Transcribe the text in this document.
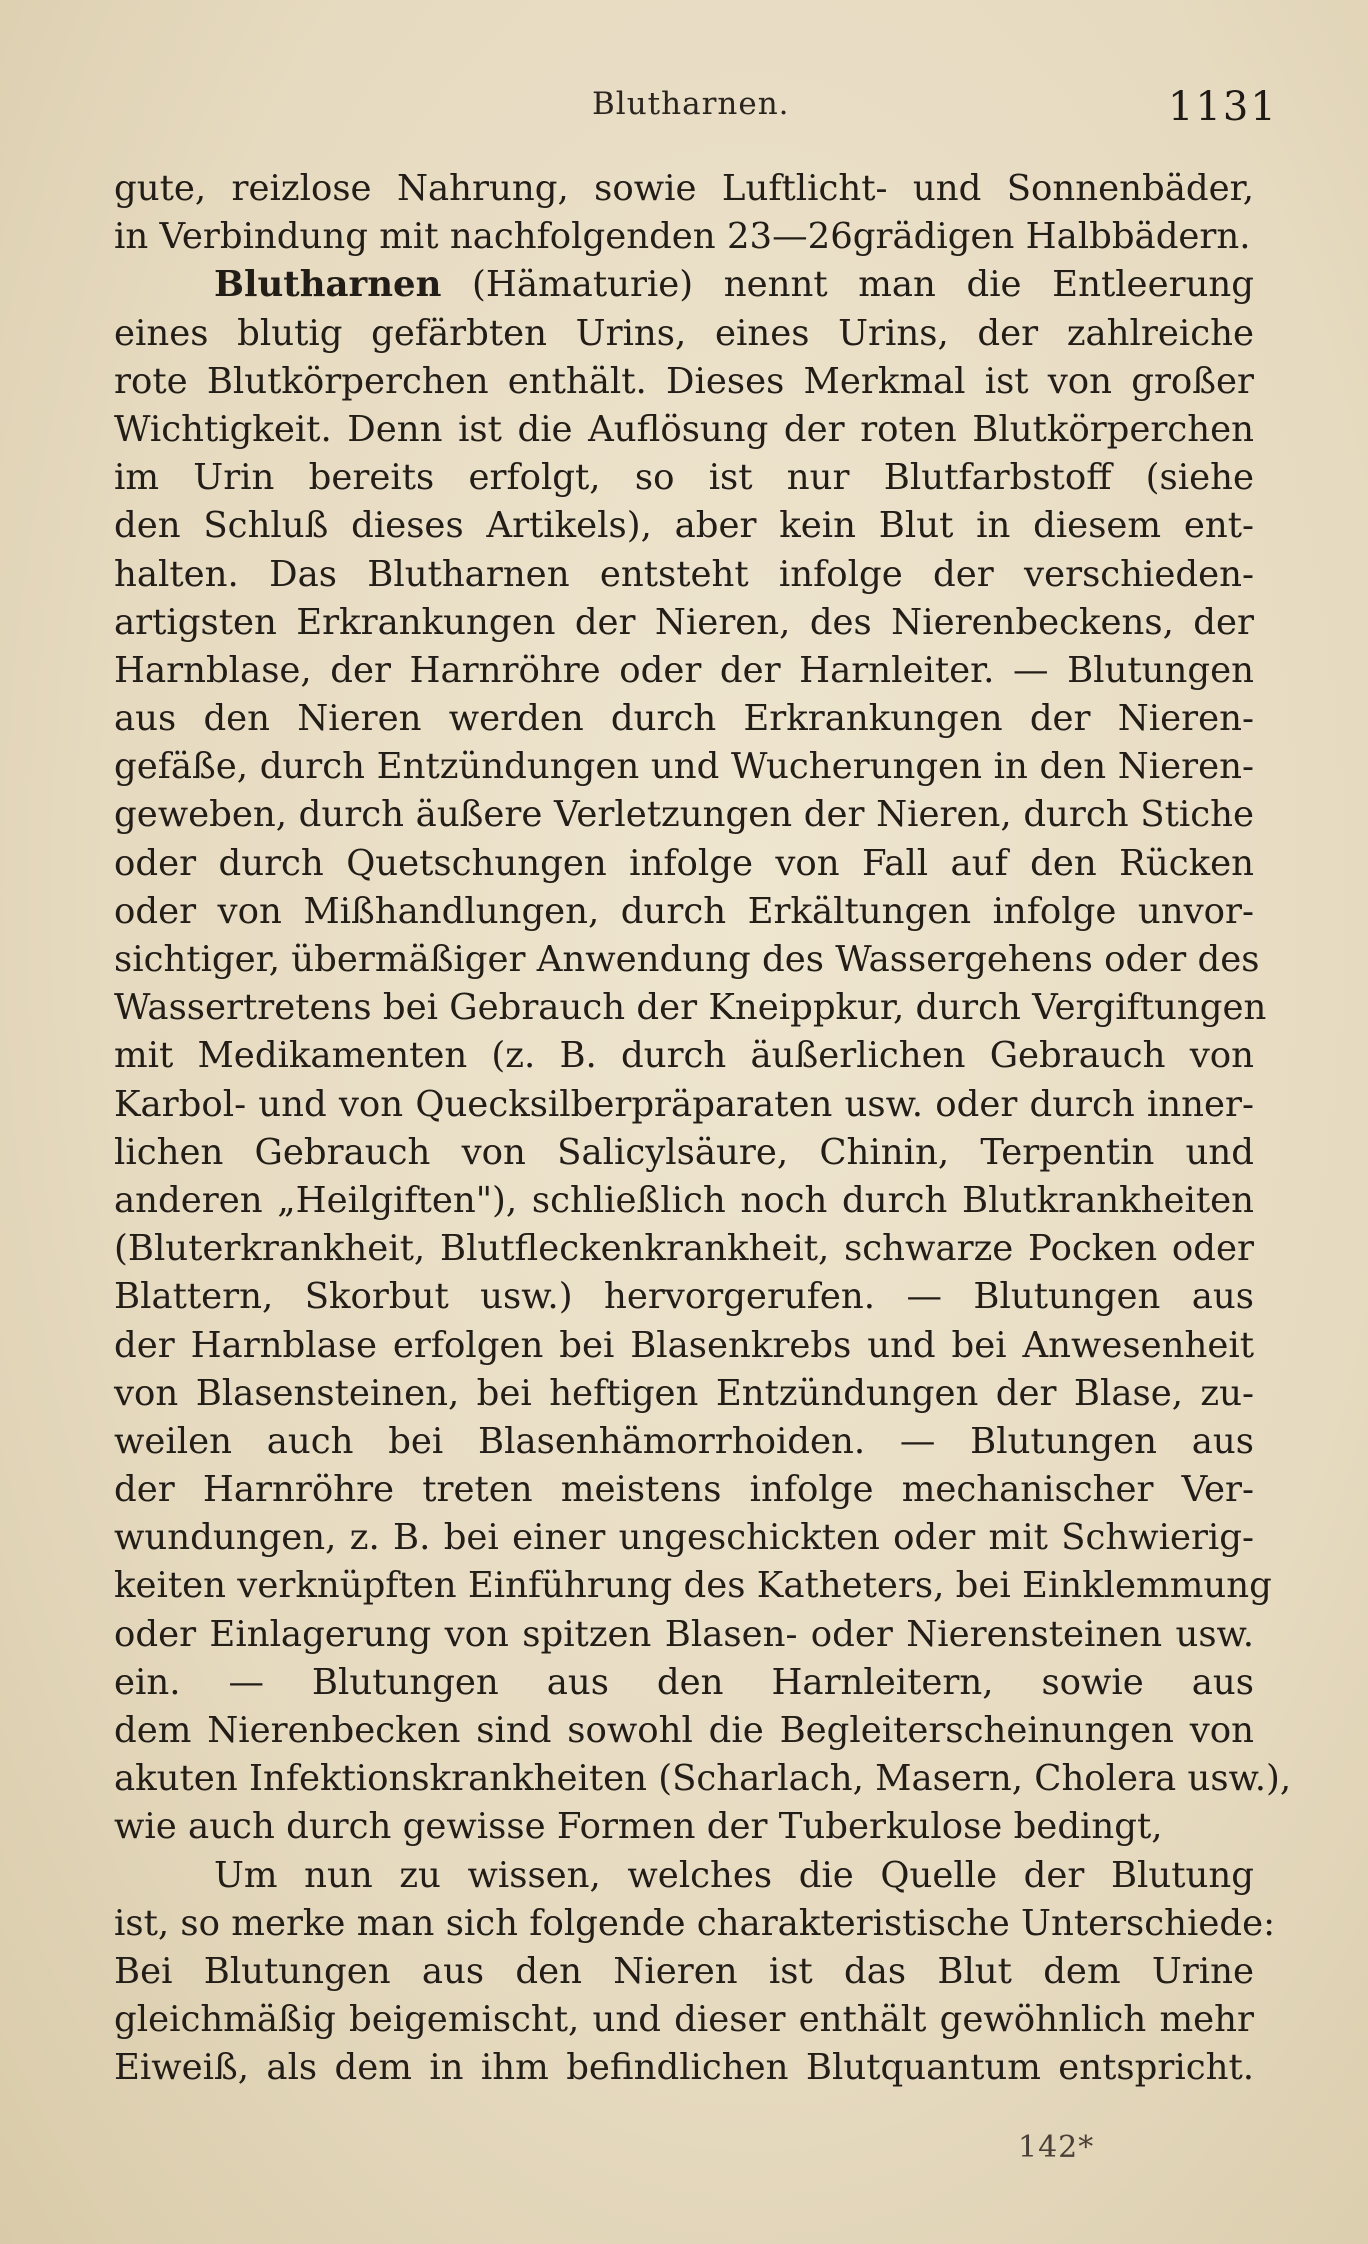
Blutharnen.	1131
gute, reizlose Nahrung, sowie Luftlicht- und Sonnenbäder,
in Verbindung mit nachfolgenden 23—26grädigen Halbbädern.
Blutharnen (Hämaturie) nennt man die Entleerung
eines blutig gefärbten Urins, eines Urins, der zahlreiche
rote Blutkörperchen enthält. Dieses Merkmal ist von großer
Wichtigkeit. Denn ist die Auflösung der roten Blutkörperchen
im Urin bereits erfolgt, so ist nur Blutfarbstoff (siehe
den Schluß dieses Artikels), aber kein Blut in diesem ent-
halten. Das Blutharnen entsteht infolge der verschieden-
artigsten Erkrankungen der Nieren, des Nierenbeckens, der
Harnblase, der Harnröhre oder der Harnleiter. — Blutungen
aus den Nieren werden durch Erkrankungen der Nieren-
gefäße, durch Entzündungen und Wucherungen in den Nieren-
geweben, durch äußere Verletzungen der Nieren, durch Stiche
oder durch Quetschungen infolge von Fall auf den Rücken
oder von Mißhandlungen, durch Erkältungen infolge unvor-
sichtiger, übermäßiger Anwendung des Wassergehens oder des
Wassertretens bei Gebrauch der Kneippkur, durch Vergiftungen
mit Medikamenten (z. B. durch äußerlichen Gebrauch von
Karbol- und von Quecksilberpräparaten usw. oder durch inner-
lichen Gebrauch von Salicylsäure, Chinin, Terpentin und
anderen „Heilgiften"), schließlich noch durch Blutkrankheiten
(Bluterkrankheit, Blutfleckenkrankheit, schwarze Pocken oder
Blattern, Skorbut usw.) hervorgerufen. — Blutungen aus
der Harnblase erfolgen bei Blasenkrebs und bei Anwesenheit
von Blasensteinen, bei heftigen Entzündungen der Blase, zu-
weilen auch bei Blasenhämorrhoiden. — Blutungen aus
der Harnröhre treten meistens infolge mechanischer Ver-
wundungen, z. B. bei einer ungeschickten oder mit Schwierig-
keiten verknüpften Einführung des Katheters, bei Einklemmung
oder Einlagerung von spitzen Blasen- oder Nierensteinen usw.
ein. — Blutungen aus den Harnleitern, sowie aus
dem Nierenbecken sind sowohl die Begleiterscheinungen von
akuten Infektionskrankheiten (Scharlach, Masern, Cholera usw.),
wie auch durch gewisse Formen der Tuberkulose bedingt,
Um nun zu wissen, welches die Quelle der Blutung
ist, so merke man sich folgende charakteristische Unterschiede:
Bei Blutungen aus den Nieren ist das Blut dem Urine
gleichmäßig beigemischt, und dieser enthält gewöhnlich mehr
Eiweiß, als dem in ihm befindlichen Blutquantum entspricht.
142*
